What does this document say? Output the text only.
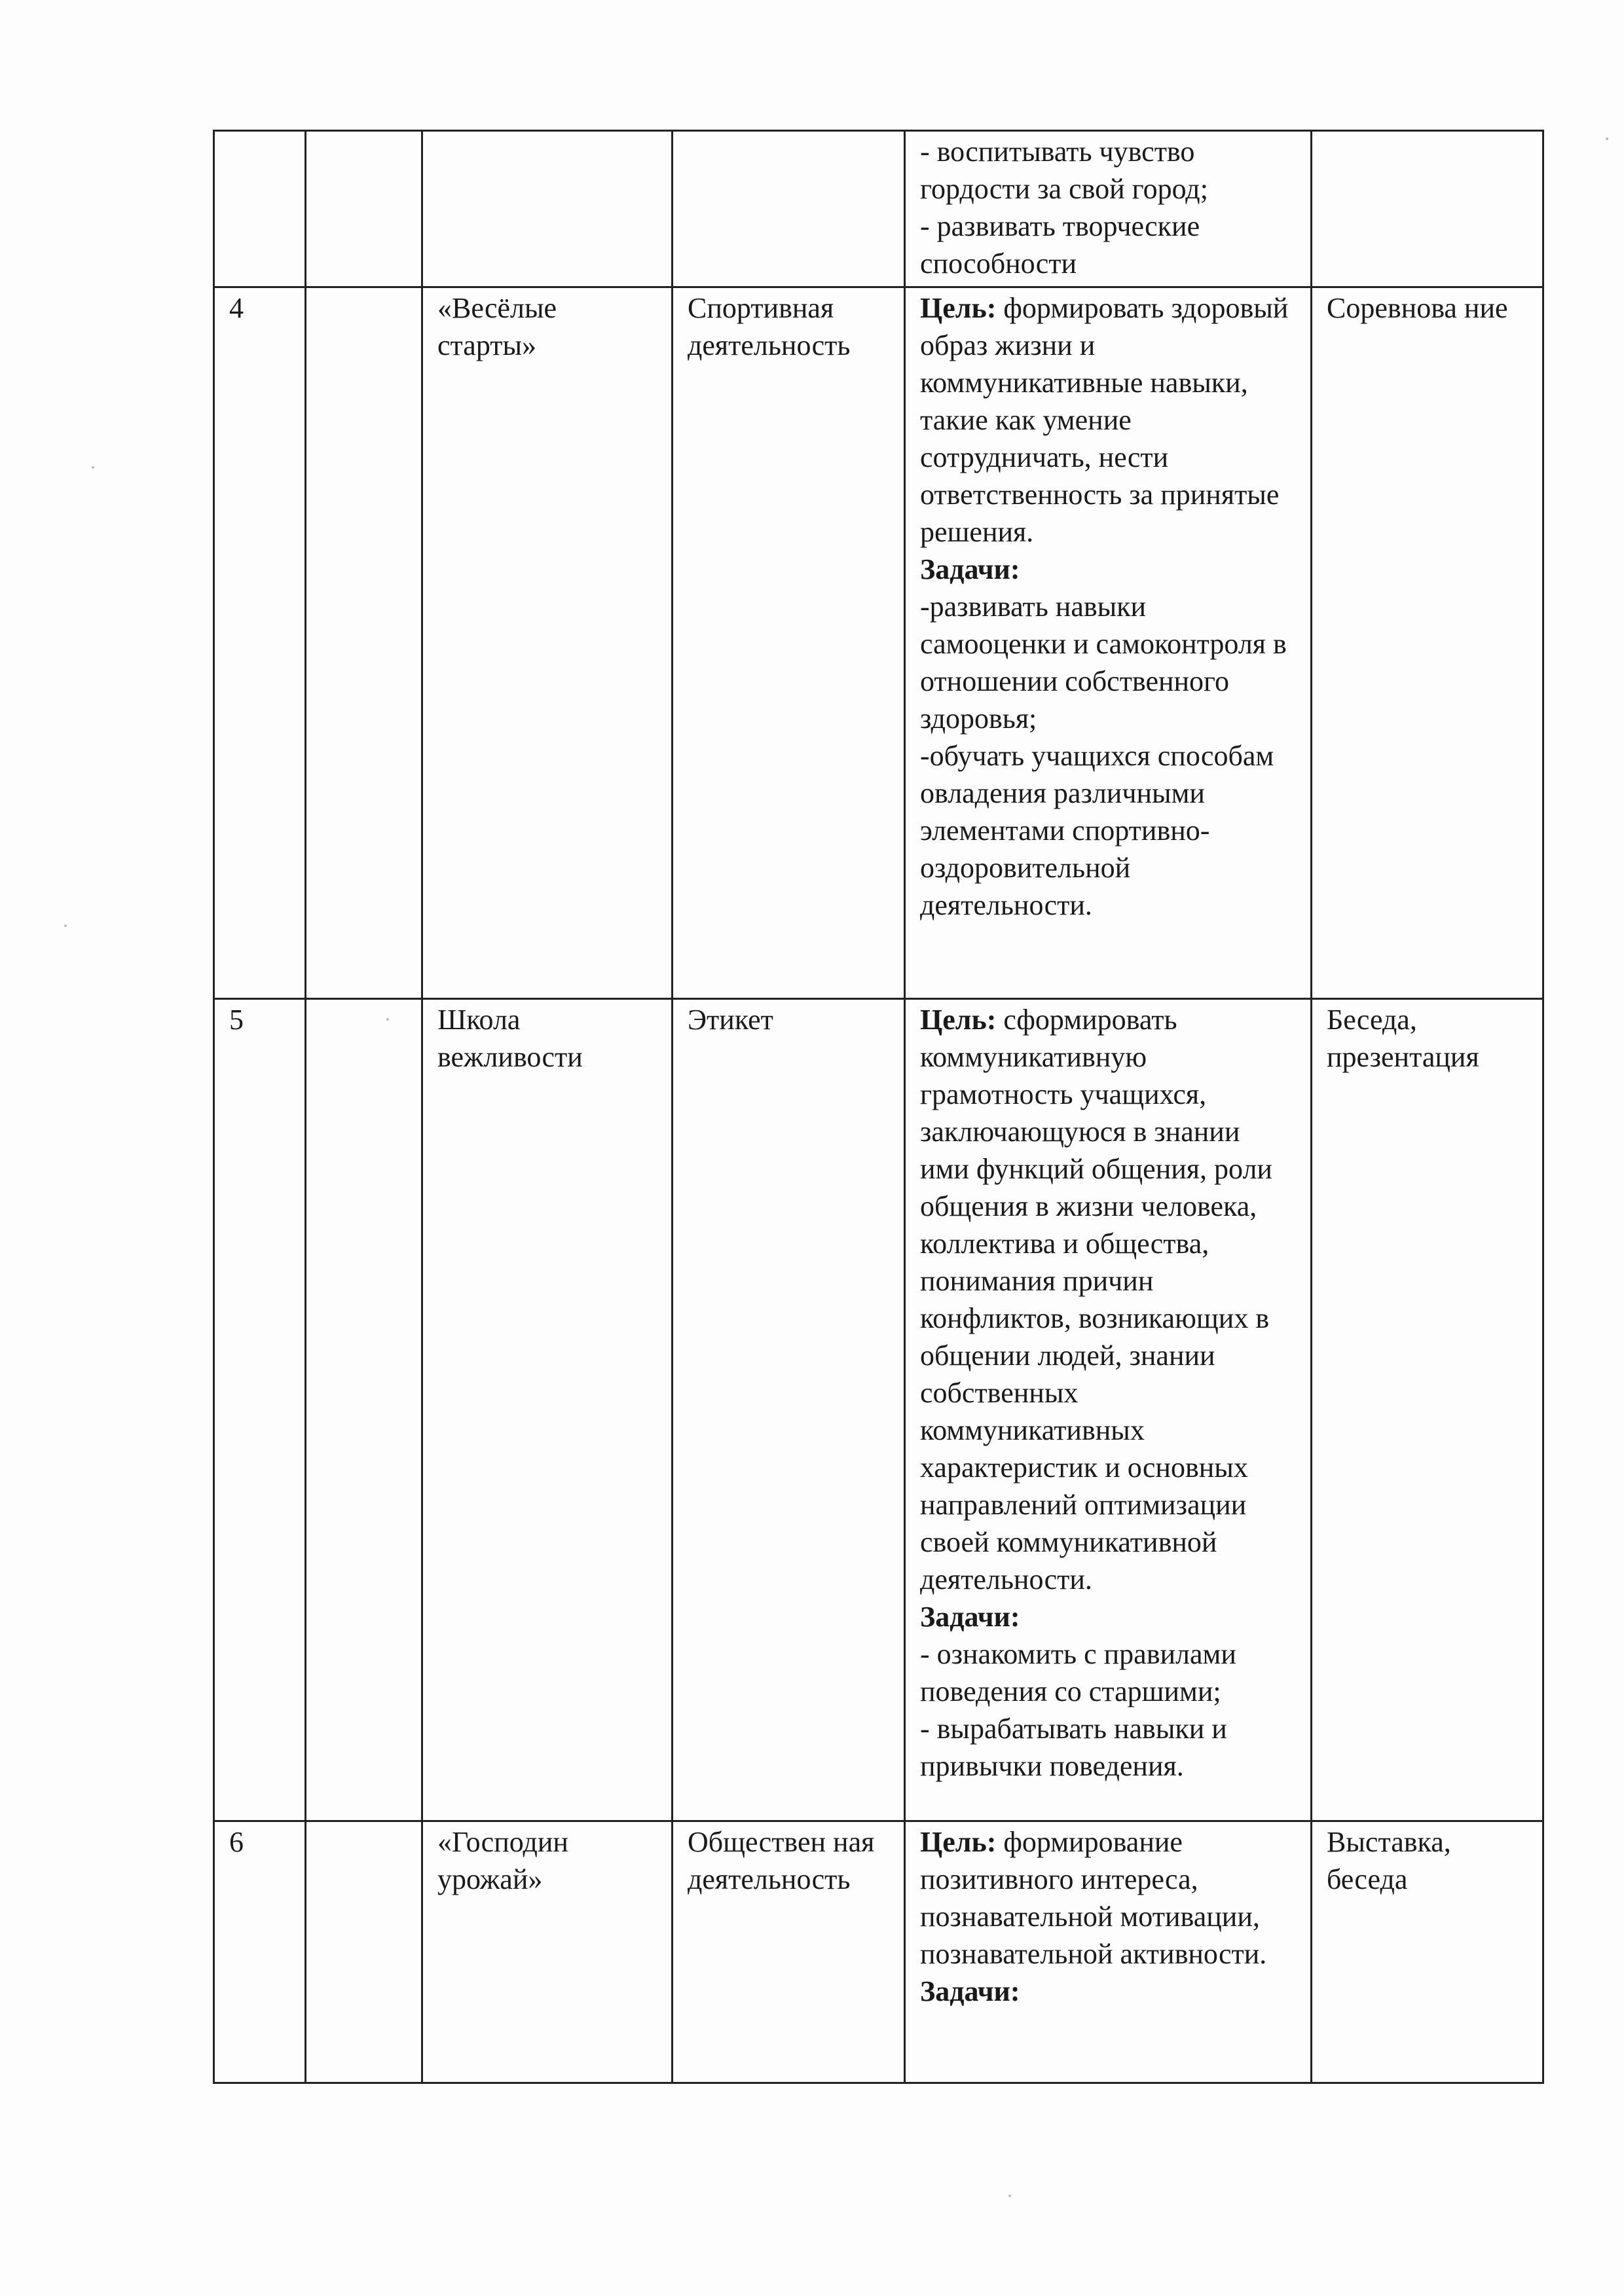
				- воспитывать чувство гордости за свой город;
- развивать творческие способности	

4		«Весёлые старты»	Спортивная деятельность	Цель: формировать здоровый образ жизни и коммуникативные навыки, такие как умение сотрудничать, нести ответственность за принятые решения.
Задачи:
-развивать навыки самооценки и самоконтроля в отношении собственного здоровья;
-обучать учащихся способам овладения различными элементами спортивно-оздоровительной деятельности.	Соревнова ние
5		Школа вежливости	Этикет	Цель: сформировать коммуникативную грамотность учащихся, заключающуюся в знании ими функций общения, роли общения в жизни человека, коллектива и общества, понимания причин конфликтов, возникающих в общении людей, знании собственных коммуникативных характеристик и основных направлений оптимизации своей коммуникативной деятельности.
Задачи:
- ознакомить с правилами поведения со старшими;
- вырабатывать навыки и привычки поведения.	Беседа, презентация
6		«Господин урожай»	Обществен ная деятельность	Цель: формирование позитивного интереса, познавательной мотивации, познавательной активности.
Задачи:	Выставка, беседа
